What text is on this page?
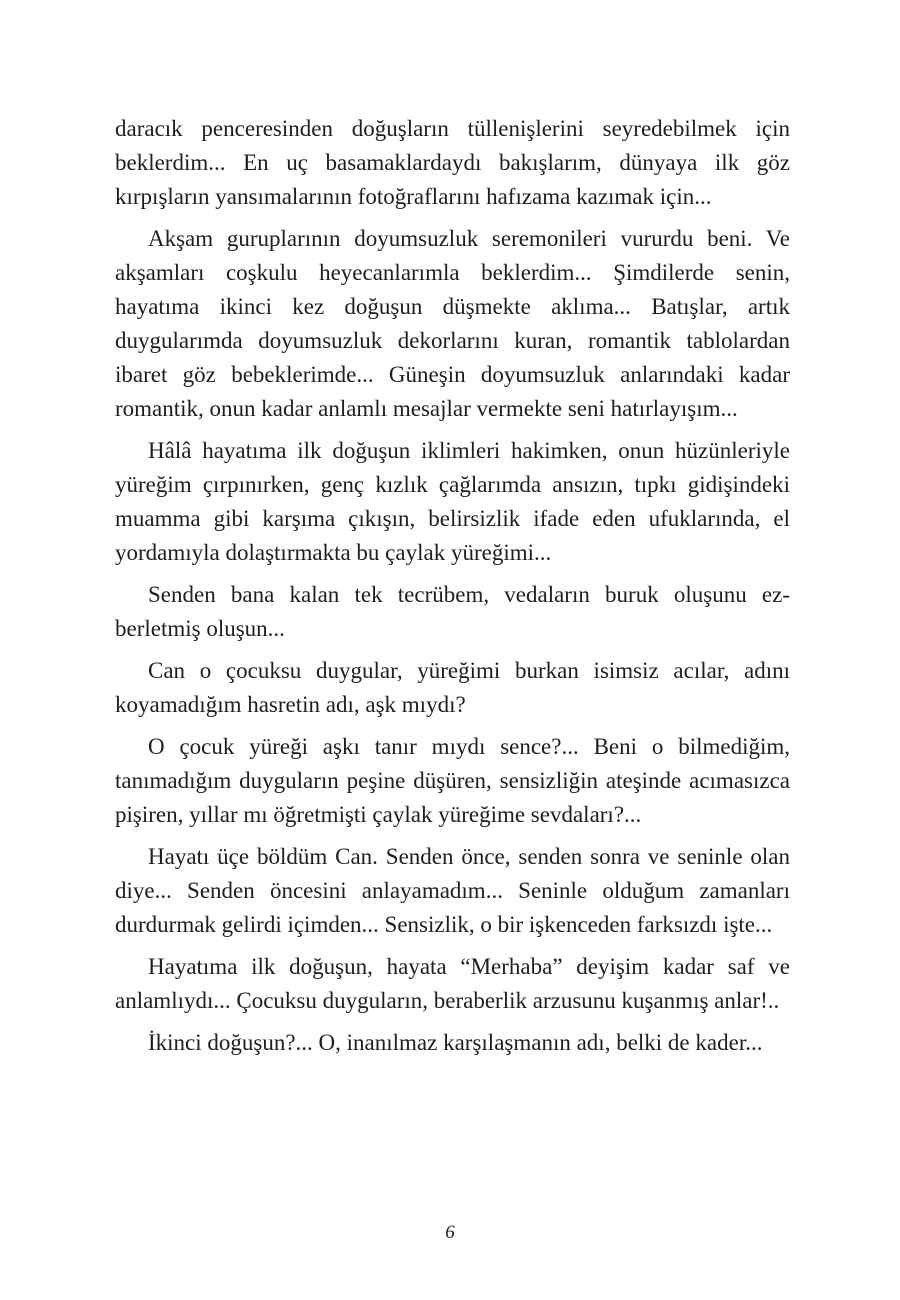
daracık penceresinden doğuşların tüllenişlerini seyredebilmek için beklerdim... En uç basamaklardaydı bakışlarım, dünyaya ilk göz kırpışların yansımalarının fotoğraflarını hafızama kazımak için...

Akşam guruplarının doyumsuzluk seremonileri vururdu beni. Ve akşamları coşkulu heyecanlarımla beklerdim... Şimdilerde senin, hayatıma ikinci kez doğuşun düşmekte aklıma... Batışlar, artık duygularımda doyumsuzluk dekorlarını kuran, romantik tablolardan ibaret göz bebeklerimde... Güneşin doyumsuzluk anlarındaki kadar romantik, onun kadar anlamlı mesajlar vermekte seni hatırlayışım...

Hâlâ hayatıma ilk doğuşun iklimleri hakimken, onun hüzünleriyle yüreğim çırpınırken, genç kızlık çağlarımda ansızın, tıpkı gidişindeki muamma gibi karşıma çıkışın, belirsizlik ifade eden ufuklarında, el yordamıyla dolaştırmakta bu çaylak yüreğimi...

Senden bana kalan tek tecrübem, vedaların buruk oluşunu ezberletmiş oluşun...

Can o çocuksu duygular, yüreğimi burkan isimsiz acılar, adını koyamadığım hasretin adı, aşk mıydı?

O çocuk yüreği aşkı tanır mıydı sence?... Beni o bilmediğim, tanımadığım duyguların peşine düşüren, sensizliğin ateşinde acımasızca pişiren, yıllar mı öğretmişti çaylak yüreğime sevdaları?...

Hayatı üçe böldüm Can. Senden önce, senden sonra ve seninle olan diye... Senden öncesini anlayamadım... Seninle olduğum zamanları durdurmak gelirdi içimden... Sensizlik, o bir işkenceden farksızdı işte...

Hayatıma ilk doğuşun, hayata “Merhaba” deyişim kadar saf ve anlamlıydı... Çocuksu duyguların, beraberlik arzusunu kuşanmış anlar!..

İkinci doğuşun?... O, inanılmaz karşılaşmanın adı, belki de kader...

6
